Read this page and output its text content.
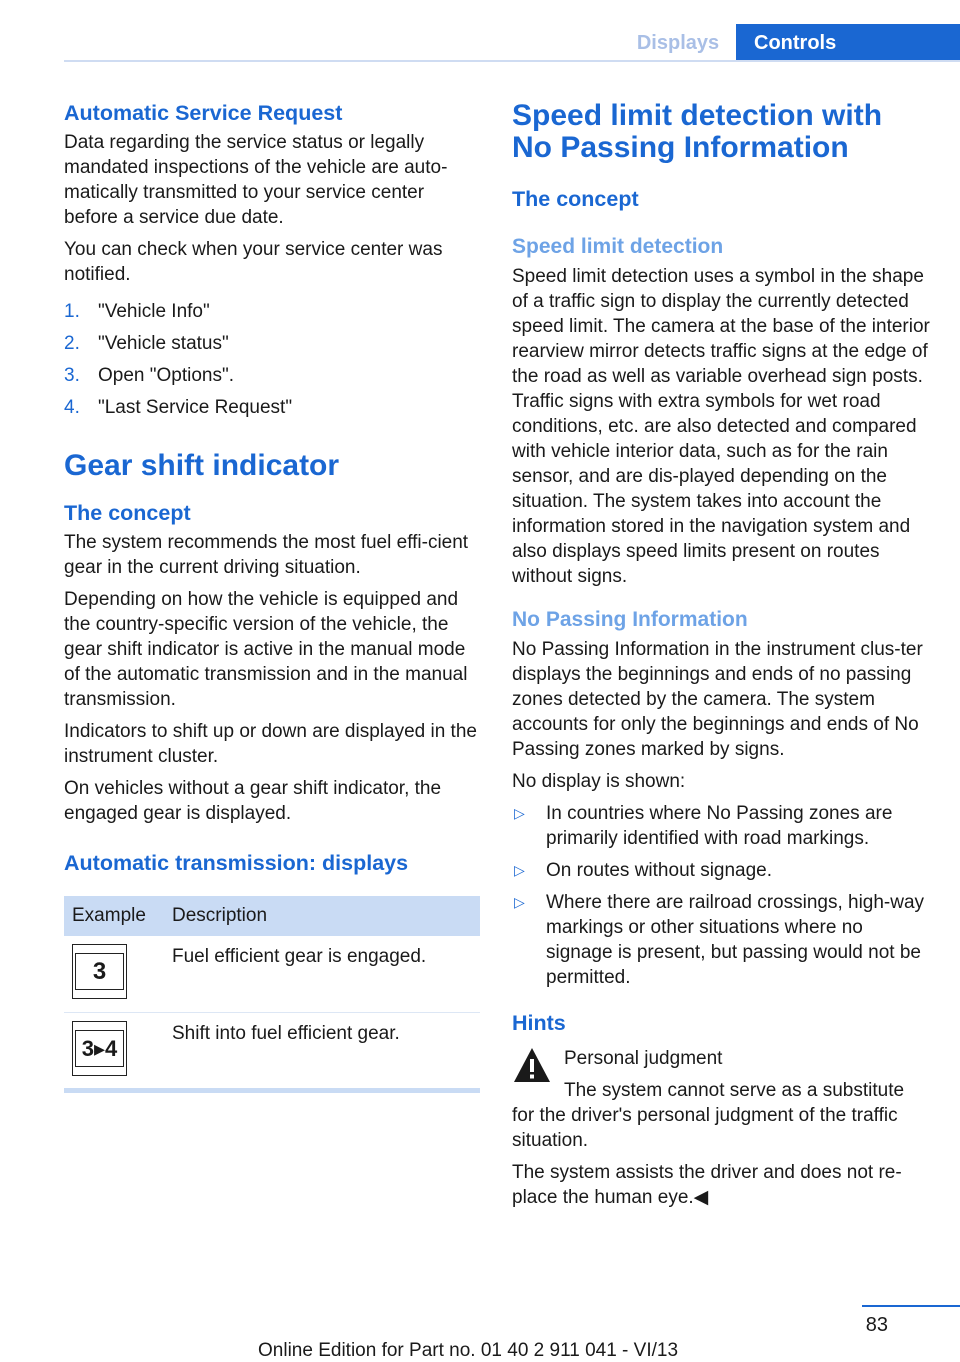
Displays	Controls
Automatic Service Request

Data regarding the service status or legally mandated inspections of the vehicle are auto-matically transmitted to your service center before a service due date.

You can check when your service center was notified.

1. "Vehicle Info"
2. "Vehicle status"
3. Open "Options".
4. "Last Service Request"
Gear shift indicator
The concept

The system recommends the most fuel effi-cient gear in the current driving situation.

Depending on how the vehicle is equipped and the country-specific version of the vehicle, the gear shift indicator is active in the manual mode of the automatic transmission and in the manual transmission.

Indicators to shift up or down are displayed in the instrument cluster.

On vehicles without a gear shift indicator, the engaged gear is displayed.

Automatic transmission: displays
Example	Description

3	Fuel efficient gear is engaged.

3▸4	Shift into fuel efficient gear.
Speed limit detection with No Passing Information
The concept
Speed limit detection

Speed limit detection uses a symbol in the shape of a traffic sign to display the currently detected speed limit. The camera at the base of the interior rearview mirror detects traffic signs at the edge of the road as well as variable overhead sign posts. Traffic signs with extra symbols for wet road conditions, etc. are also detected and compared with vehicle interior data, such as for the rain sensor, and are dis-played depending on the situation. The system takes into account the information stored in the navigation system and also displays speed limits present on routes without signs.

No Passing Information

No Passing Information in the instrument clus-ter displays the beginnings and ends of no passing zones detected by the camera. The system accounts for only the beginnings and ends of No Passing zones marked by signs.

No display is shown:

▷	In countries where No Passing zones are primarily identified with road markings.
▷	On routes without signage.
▷	Where there are railroad crossings, high-way markings or other situations where no signage is present, but passing would not be permitted.
Hints

Personal judgment

The system cannot serve as a substitute

for the driver's personal judgment of the traffic situation.

The system assists the driver and does not re-place the human eye.◀

83
Online Edition for Part no. 01 40 2 911 041 - VI/13
